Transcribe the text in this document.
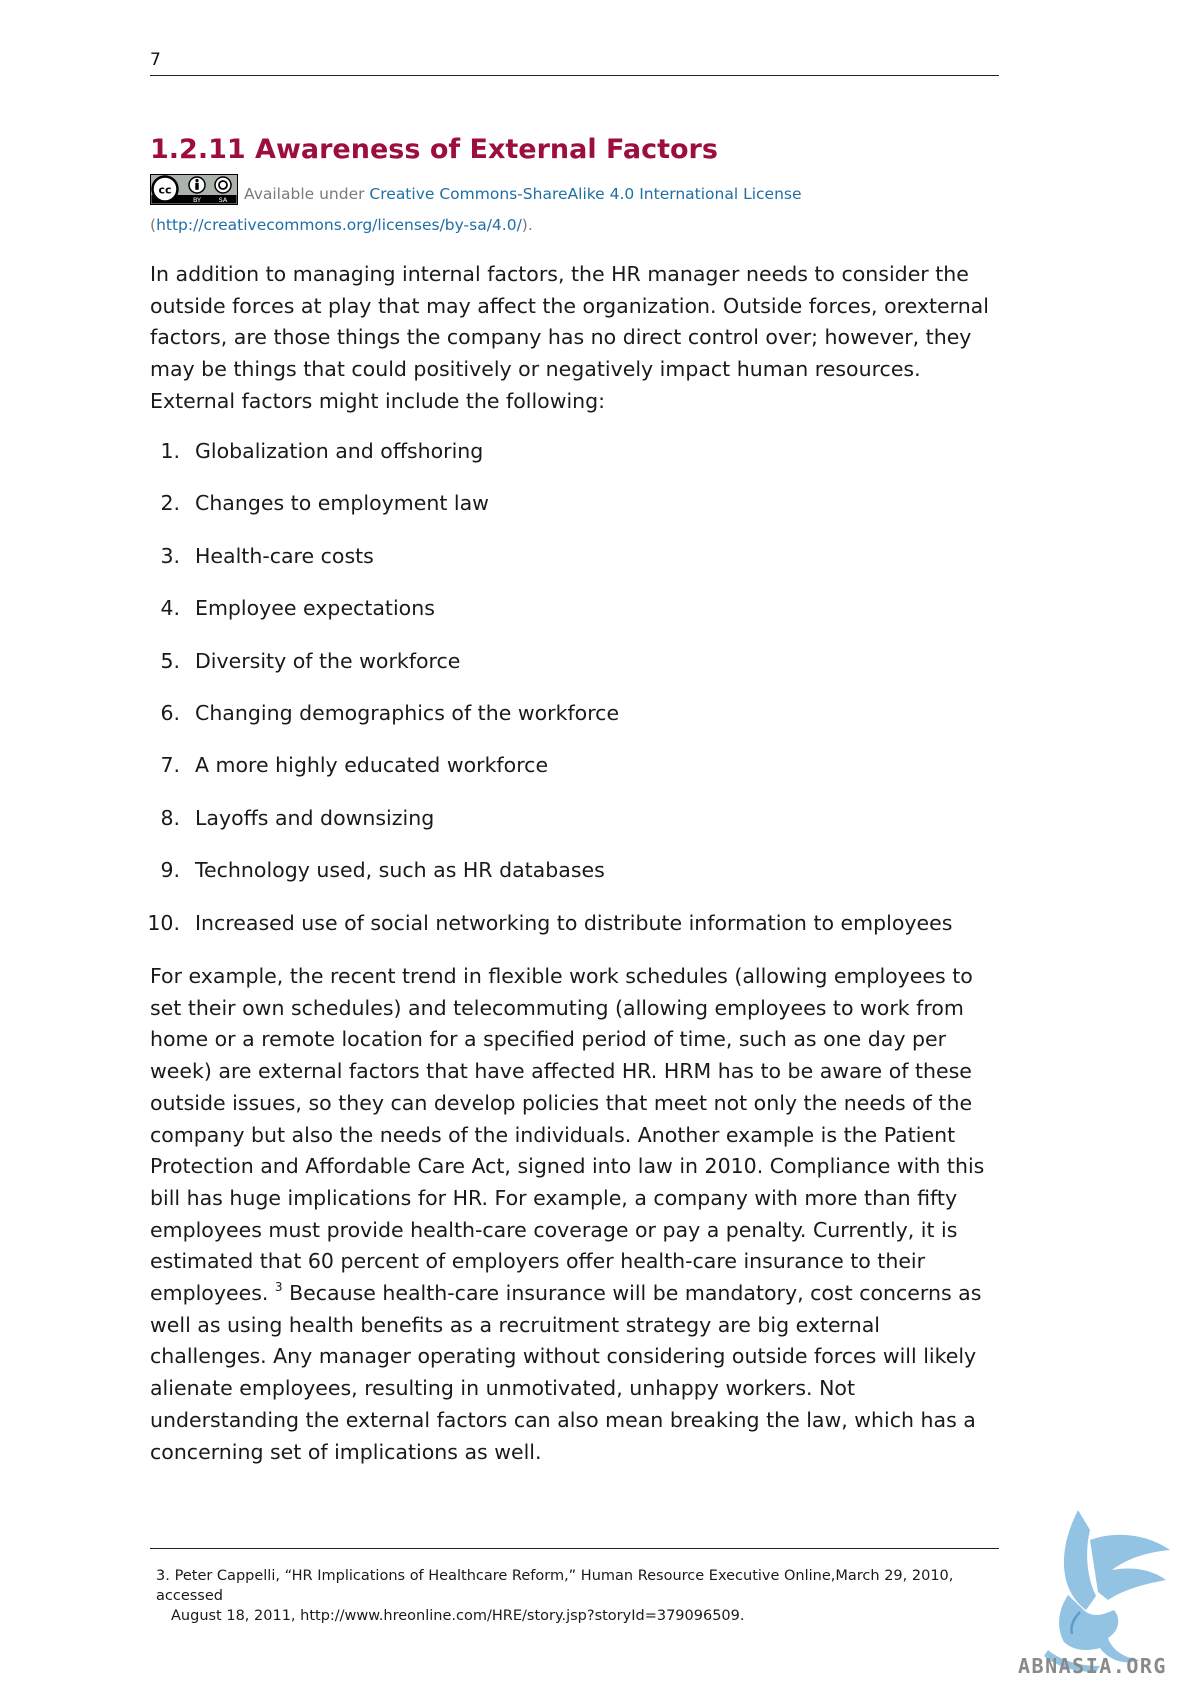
7
1.2.11 Awareness of External Factors
cc
BY	SA Available under Creative Commons-ShareAlike 4.0 International License (http://creativecommons.org/licenses/by-sa/4.0/).

In addition to managing internal factors, the HR manager needs to consider the outside forces at play that may affect the organization. Outside forces, orexternal factors, are those things the company has no direct control over; however, they may be things that could positively or negatively impact human resources. External factors might include the following:

1. Globalization and offshoring
2. Changes to employment law
3. Health-care costs
4. Employee expectations
5. Diversity of the workforce
6. Changing demographics of the workforce
7. A more highly educated workforce
8. Layoffs and downsizing
9. Technology used, such as HR databases
10. Increased use of social networking to distribute information to employees

For example, the recent trend in flexible work schedules (allowing employees to set their own schedules) and telecommuting (allowing employees to work from home or a remote location for a specified period of time, such as one day per week) are external factors that have affected HR. HRM has to be aware of these outside issues, so they can develop policies that meet not only the needs of the company but also the needs of the individuals. Another example is the Patient Protection and Affordable Care Act, signed into law in 2010. Compliance with this bill has huge implications for HR. For example, a company with more than fifty employees must provide health-care coverage or pay a penalty. Currently, it is estimated that 60 percent of employers offer health-care insurance to their employees. $^3$ Because health-care insurance will be mandatory, cost concerns as well as using health benefits as a recruitment strategy are big external challenges. Any manager operating without considering outside forces will likely alienate employees, resulting in unmotivated, unhappy workers. Not understanding the external factors can also mean breaking the law, which has a concerning set of implications as well.

3. Peter Cappelli, “HR Implications of Healthcare Reform,” Human Resource Executive Online,March 29, 2010, accessed
August 18, 2011, http://www.hreonline.com/HRE/story.jsp?storyId=379096509.
ABNASIA.ORG
